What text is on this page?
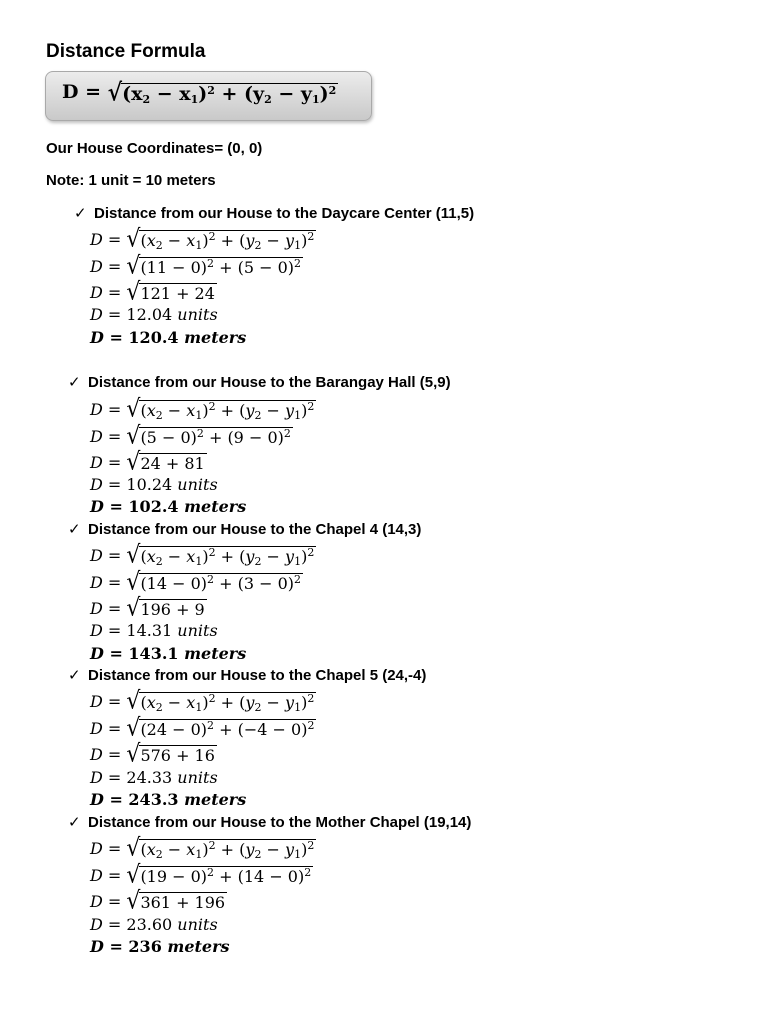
Distance Formula
$D = √(x_2 - x_1)^2 + (y_2 - y_1)^2$
Our House Coordinates= (0, 0)
Note: 1 unit = 10 meters
✓ Distance from our House to the Daycare Center (11,5)
$D = √(x_2 - x_1)^2 + (y_2 - y_1)^2$
$D = √(11 - 0)^2 + (5 - 0)^2$
D = √121 + 24
D = 12.04 units
D = 120.4 meters
✓ Distance from our House to the Barangay Hall (5,9)
$D = √(x_2 - x_1)^2 + (y_2 - y_1)^2$
$D = √(5 - 0)^2 + (9 - 0)^2$
D = √24 + 81
D = 10.24 units
D = 102.4 meters
✓ Distance from our House to the Chapel 4 (14,3)
$D = √(x_2 - x_1)^2 + (y_2 - y_1)^2$
$D = √(14 - 0)^2 + (3 - 0)^2$
D = √196 + 9
D = 14.31 units
D = 143.1 meters
✓ Distance from our House to the Chapel 5 (24,-4)
$D = √(x_2 - x_1)^2 + (y_2 - y_1)^2$
$D = √(24 - 0)^2 + (-4 - 0)^2$
D = √576 + 16
D = 24.33 units
D = 243.3 meters
✓ Distance from our House to the Mother Chapel (19,14)
$D = √(x_2 - x_1)^2 + (y_2 - y_1)^2$
$D = √(19 - 0)^2 + (14 - 0)^2$
D = √361 + 196
D = 23.60 units
D = 236 meters
